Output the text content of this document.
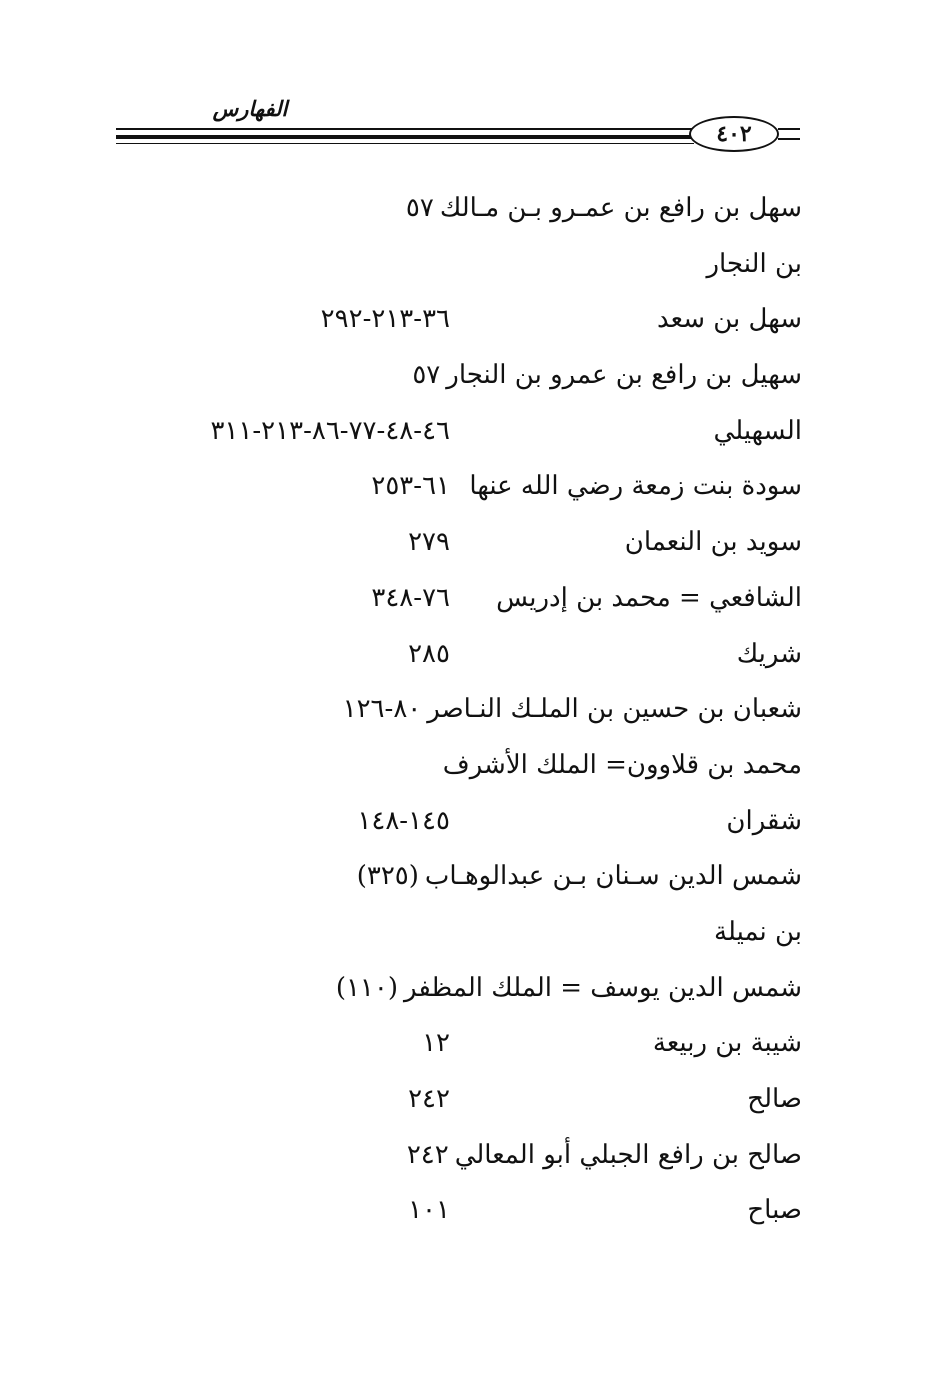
الفهارس
٤٠٢
سهل بن رافع بن عمـرو بـن مـالك
٥٧
بن النجار
سهل بن سعد
٣٦-٢١٣-٢٩٢
سهيل بن رافع بن عمرو بن النجار
٥٧
السهيلي
٤٦-٤٨-٧٧-٨٦-٢١٣-٣١١
سودة بنت زمعة رضي الله عنها
٦١-٢٥٣
سويد بن النعمان
٢٧٩
الشافعي = محمد بن إدريس
٧٦-٣٤٨
شريك
٢٨٥
شعبان بن حسين بن الملـك النـاصر
٨٠-١٢٦
محمد بن قلاوون= الملك الأشرف
شقران
١٤٥-١٤٨
شمس الدين سـنان بـن عبدالوهـاب
(٣٢٥)
بن نميلة
شمس الدين يوسف = الملك المظفر
(١١٠)
شيبة بن ربيعة
١٢
صالح
٢٤٢
صالح بن رافع الجبلي أبو المعالي
٢٤٢
صباح
١٠١
